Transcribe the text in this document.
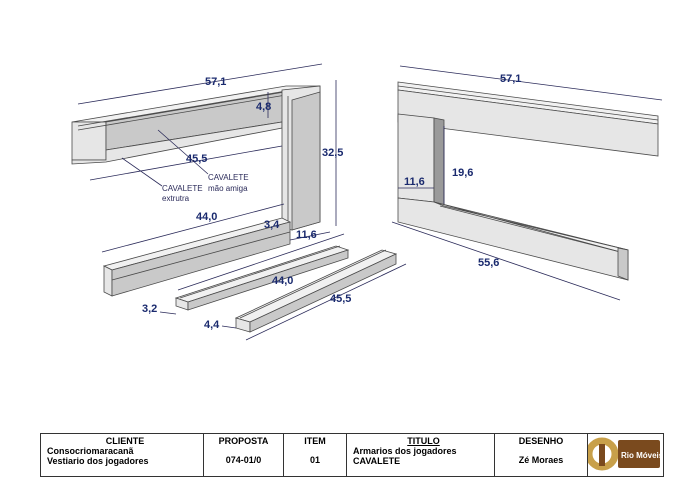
57,1
4,8
32,5
45,5
44,0
3,4
11,6
CAVALETE
mão amiga
CAVALETE
extrutra
44,0
45,5
3,2
4,4
57,1
11,6
19,6
55,6
CLIENTE
Consocriomaracanã
Vestiario dos jogadores
PROPOSTA
074-01/0
ITEM
01
TITULO
Armarios dos jogadores
CAVALETE
DESENHO
Zé Moraes	Rio Móveis
